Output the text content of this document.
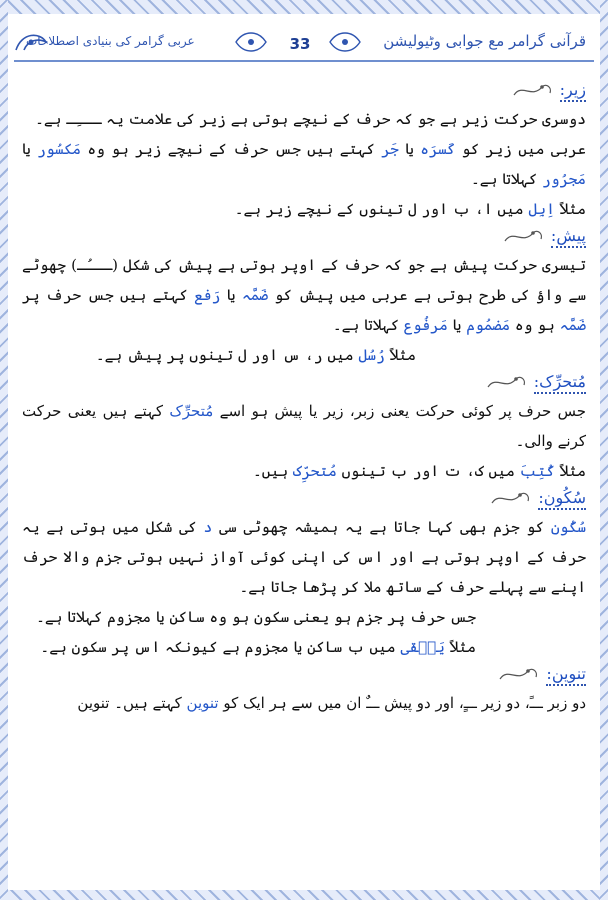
عربی گرامر کی بنیادی اصطلاحات	33	قرآنی گرامر مع جوابی وٹیولیشن
زیر:

دوسری حرکت زیر ہے جو کہ حرف کے نیچے ہوتی ہے زیر کی علامت یہ ـــِـ ہے۔

عربی میں زیر کو کَسرَہ یا جَر کہتے ہیں جس حرف کے نیچے زیر ہو وہ مَکسُور یا مَجرُور کہلاتا ہے۔

مثلاً اِبِل میں ا، ب اور ل تینوں کے نیچے زیر ہے۔

پیش:

تیسری حرکت پیش ہے جو کہ حرف کے اوپر ہوتی ہے پیش کی شکل (ـــُـ) چھوٹے سے واؤ کی طرح ہوتی ہے عربی میں پیش کو ضَمَّہ یا رَفع کہتے ہیں جس حرف پر ضَمَّہ ہو وہ مَضمُوم یا مَرفُوع کہلاتا ہے۔

مثلاً رُسُل میں ر، س اور ل تینوں پر پیش ہے۔

مُتحرِّک:

جس حرف پر کوئی حرکت یعنی زبر، زیر یا پیش ہو اسے مُتحرِّک کہتے ہیں یعنی حرکت کرنے والی۔

مثلاً کُتِبَ میں ک، ت اور ب تینوں مُتحرِّک ہیں۔

سُکُون:

سُکُون کو جزم بھی کہا جاتا ہے یہ ہمیشہ چھوٹی سی د کی شکل میں ہوتی ہے یہ حرف کے اوپر ہوتی ہے اور اس کی اپنی کوئی آواز نہیں ہوتی جزم والا حرف اپنے سے پہلے حرف کے ساتھ ملا کر پڑھا جاتا ہے۔

جس حرف پر جزم ہو یعنی سکون ہو وہ ساکن یا مجزوم کہلاتا ہے۔

مثلاً یَبۡقٰی میں ب ساکن یا مجزوم ہے کیونکہ اس پر سکون ہے۔

تنوین:

دو زبر ـــً، دو زیر ـــٍ، اور دو پیش ـــٌ ان میں سے ہر ایک کو تنوین کہتے ہیں۔ تنوین
